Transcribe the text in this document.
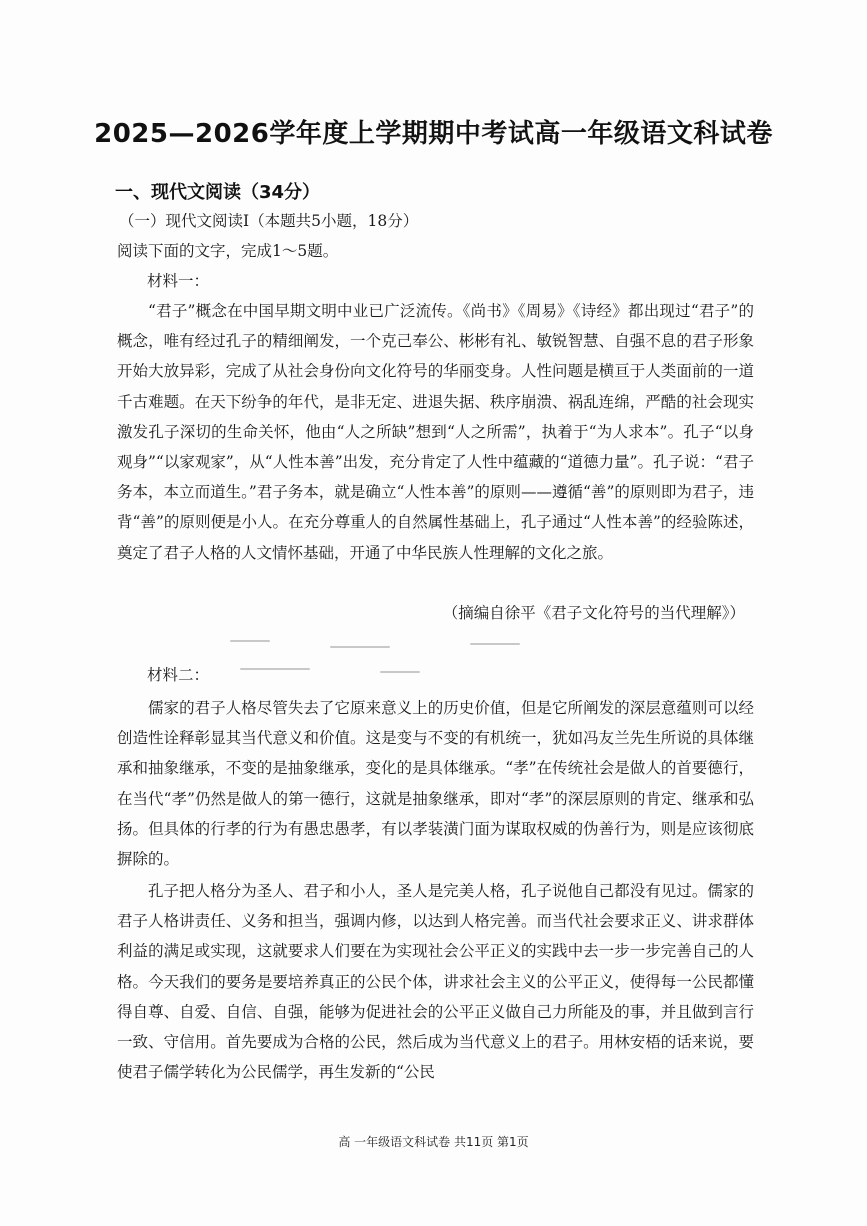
2025—2026学年度上学期期中考试高一年级语文科试卷
一、现代文阅读（34分）
（一）现代文阅读Ⅰ（本题共5小题，18分）
阅读下面的文字，完成1～5题。
材料一：
“君子”概念在中国早期文明中业已广泛流传。《尚书》《周易》《诗经》都出现过“君子”的概念，唯有经过孔子的精细阐发，一个克己奉公、彬彬有礼、敏锐智慧、自强不息的君子形象开始大放异彩，完成了从社会身份向文化符号的华丽变身。人性问题是横亘于人类面前的一道千古难题。在天下纷争的年代，是非无定、进退失据、秩序崩溃、祸乱连绵，严酷的社会现实激发孔子深切的生命关怀，他由“人之所缺”想到“人之所需”，执着于“为人求本”。孔子“以身观身”“以家观家”，从“人性本善”出发，充分肯定了人性中蕴藏的“道德力量”。孔子说：“君子务本，本立而道生。”君子务本，就是确立“人性本善”的原则——遵循“善”的原则即为君子，违背“善”的原则便是小人。在充分尊重人的自然属性基础上，孔子通过“人性本善”的经验陈述，奠定了君子人格的人文情怀基础，开通了中华民族人性理解的文化之旅。
（摘编自徐平《君子文化符号的当代理解》）
材料二：
儒家的君子人格尽管失去了它原来意义上的历史价值，但是它所阐发的深层意蕴则可以经创造性诠释彰显其当代意义和价值。这是变与不变的有机统一，犹如冯友兰先生所说的具体继承和抽象继承，不变的是抽象继承，变化的是具体继承。“孝”在传统社会是做人的首要德行，在当代“孝”仍然是做人的第一德行，这就是抽象继承，即对“孝”的深层原则的肯定、继承和弘扬。但具体的行孝的行为有愚忠愚孝，有以孝装潢门面为谋取权威的伪善行为，则是应该彻底摒除的。
孔子把人格分为圣人、君子和小人，圣人是完美人格，孔子说他自己都没有见过。儒家的君子人格讲责任、义务和担当，强调内修，以达到人格完善。而当代社会要求正义、讲求群体利益的满足或实现，这就要求人们要在为实现社会公平正义的实践中去一步一步完善自己的人格。今天我们的要务是要培养真正的公民个体，讲求社会主义的公平正义，使得每一公民都懂得自尊、自爱、自信、自强，能够为促进社会的公平正义做自己力所能及的事，并且做到言行一致、守信用。首先要成为合格的公民，然后成为当代意义上的君子。用林安梧的话来说，要使君子儒学转化为公民儒学，再生发新的“公民
高 一年级语文科试卷 共11页 第1页
